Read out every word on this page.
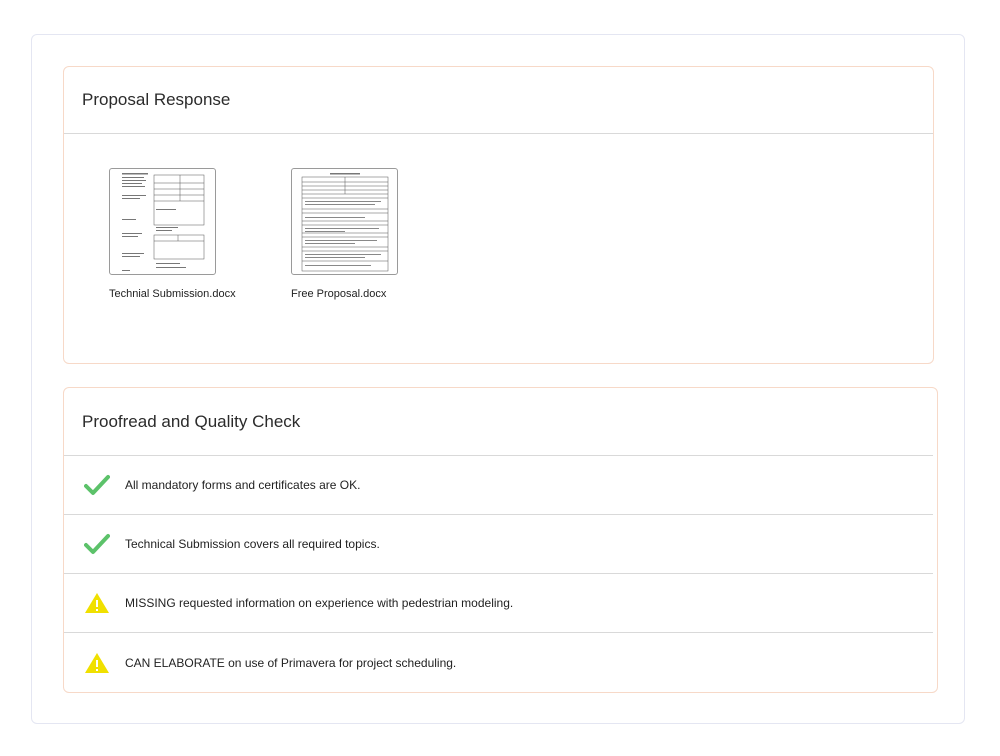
Proposal Response
Technial Submission.docx	Free Proposal.docx
Proofread and Quality Check
All mandatory forms and certificates are OK.
Technical Submission covers all required topics.
MISSING requested information on experience with pedestrian modeling.
CAN ELABORATE on use of Primavera for project scheduling.
